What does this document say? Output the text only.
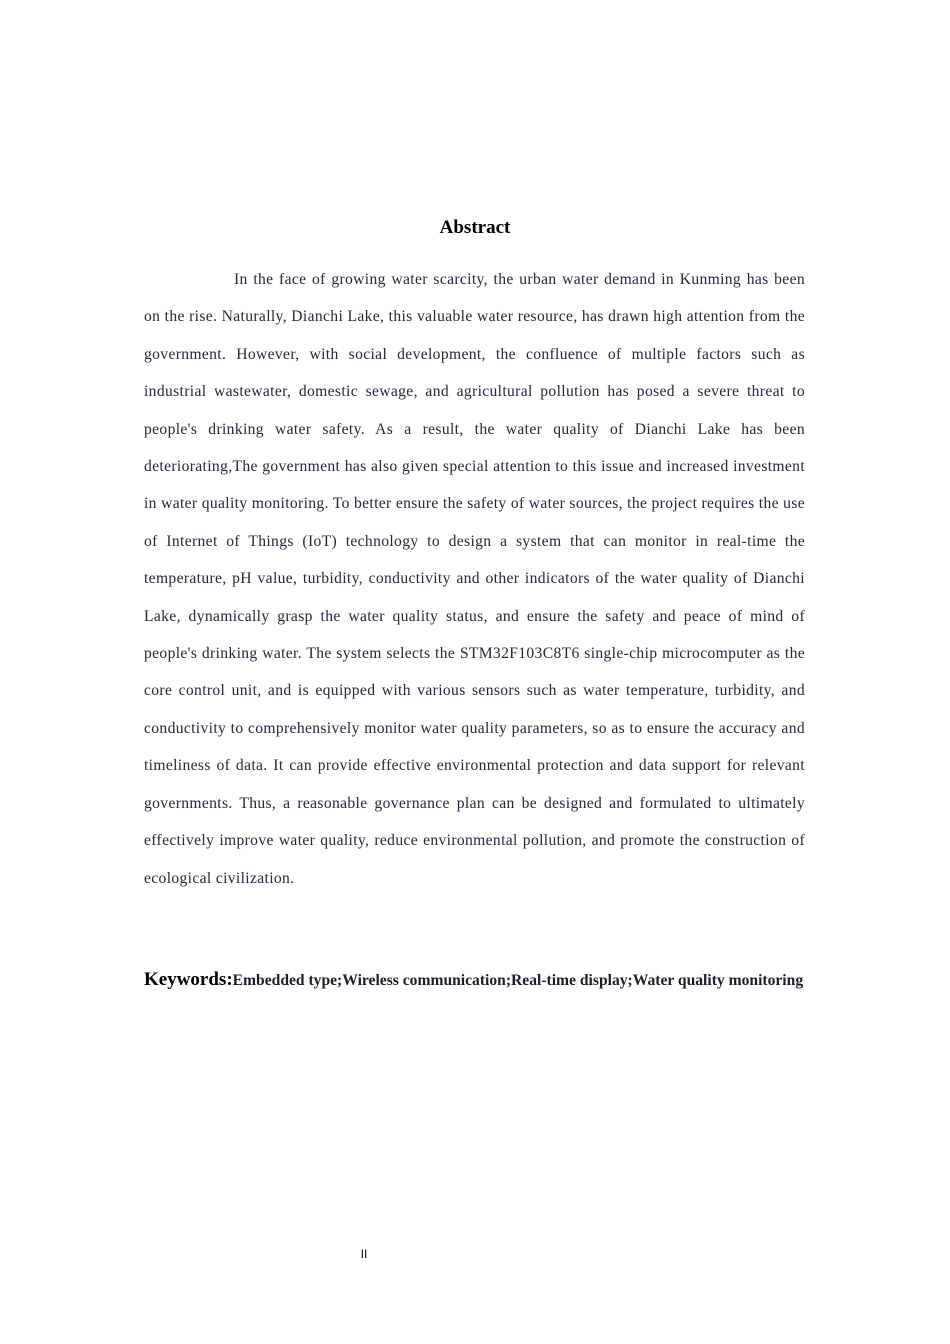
Abstract

In the face of growing water scarcity, the urban water demand in Kunming has been on the rise. Naturally, Dianchi Lake, this valuable water resource, has drawn high attention from the government. However, with social development, the confluence of multiple factors such as industrial wastewater, domestic sewage, and agricultural pollution has posed a severe threat to people's drinking water safety. As a result, the water quality of Dianchi Lake has been deteriorating,The government has also given special attention to this issue and increased investment in water quality monitoring. To better ensure the safety of water sources, the project requires the use of Internet of Things (IoT) technology to design a system that can monitor in real-time the temperature, pH value, turbidity, conductivity and other indicators of the water quality of Dianchi Lake, dynamically grasp the water quality status, and ensure the safety and peace of mind of people's drinking water. The system selects the STM32F103C8T6 single-chip microcomputer as the core control unit, and is equipped with various sensors such as water temperature, turbidity, and conductivity to comprehensively monitor water quality parameters, so as to ensure the accuracy and timeliness of data. It can provide effective environmental protection and data support for relevant governments. Thus, a reasonable governance plan can be designed and formulated to ultimately effectively improve water quality, reduce environmental pollution, and promote the construction of ecological civilization.

Keywords:Embedded type;Wireless communication;Real-time display;Water quality monitoring

II
